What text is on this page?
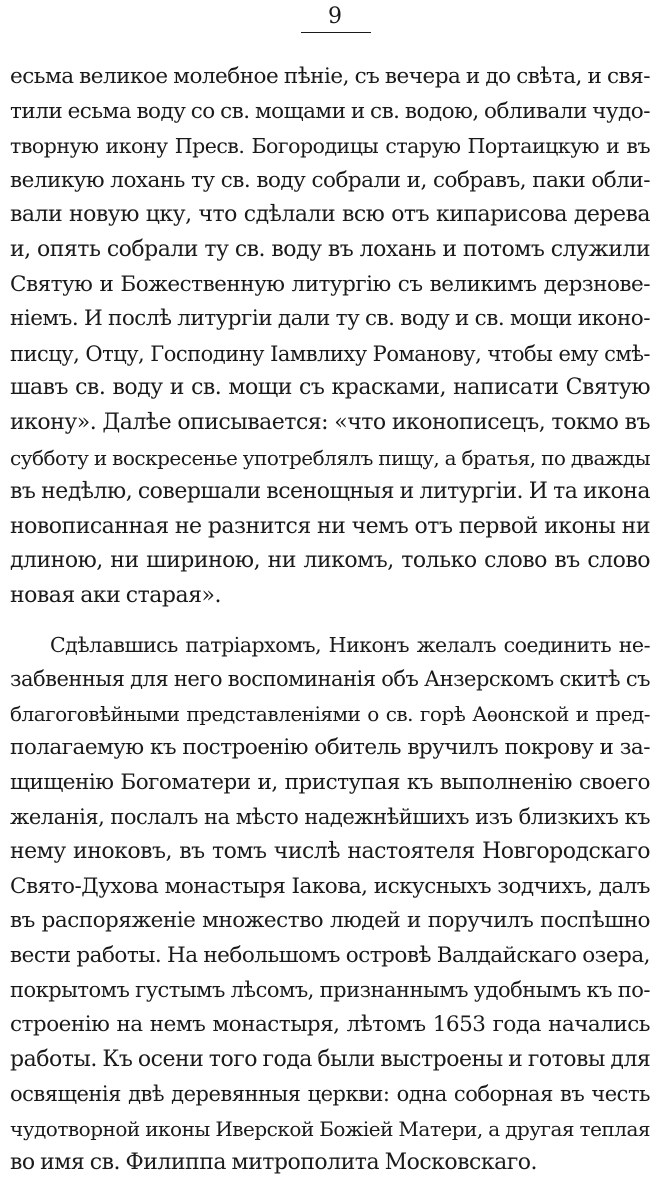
9
есьма великое молебное пѣніе, съ вечера и до свѣта, и свя-
тили есьма воду со св. мощами и св. водою, обливали чудо-
творную икону Пресв. Богородицы старую Портаицкую и въ
великую лохань ту св. воду собрали и, собравъ, паки обли-
вали новую цку, что сдѣлали всю отъ кипарисова дерева
и, опять собрали ту св. воду въ лохань и потомъ служили
Святую и Божественную литургію съ великимъ дерзнове-
ніемъ. И послѣ литургіи дали ту св. воду и св. мощи иконо-
писцу, Отцу, Господину Іамвлиху Романову, чтобы ему смѣ-
шавъ св. воду и св. мощи съ красками, написати Святую
икону». Далѣе описывается: «что иконописецъ, токмо въ
субботу и воскресенье употреблялъ пищу, а братья, по дважды
въ недѣлю, совершали всенощныя и литургіи. И та икона
новописанная не разнится ни чемъ отъ первой иконы ни
длиною, ни шириною, ни ликомъ, только слово въ слово
новая аки старая».
Сдѣлавшись патріархомъ, Никонъ желалъ соединить не-
забвенныя для него воспоминанія объ Анзерскомъ скитѣ съ
благоговѣйными представленіями о св. горѣ Аѳонской и пред-
полагаемую къ построенію обитель вручилъ покрову и за-
щищенію Богоматери и, приступая къ выполненію своего
желанія, послалъ на мѣсто надежнѣйшихъ изъ близкихъ къ
нему иноковъ, въ томъ числѣ настоятеля Новгородскаго
Свято-Духова монастыря Іакова, искусныхъ зодчихъ, далъ
въ распоряженіе множество людей и поручилъ поспѣшно
вести работы. На небольшомъ островѣ Валдайскаго озера,
покрытомъ густымъ лѣсомъ, признаннымъ удобнымъ къ по-
строенію на немъ монастыря, лѣтомъ 1653 года начались
работы. Къ осени того года были выстроены и готовы для
освященія двѣ деревянныя церкви: одна соборная въ честь
чудотворной иконы Иверской Божіей Матери, а другая теплая
во имя св. Филиппа митрополита Московскаго.
